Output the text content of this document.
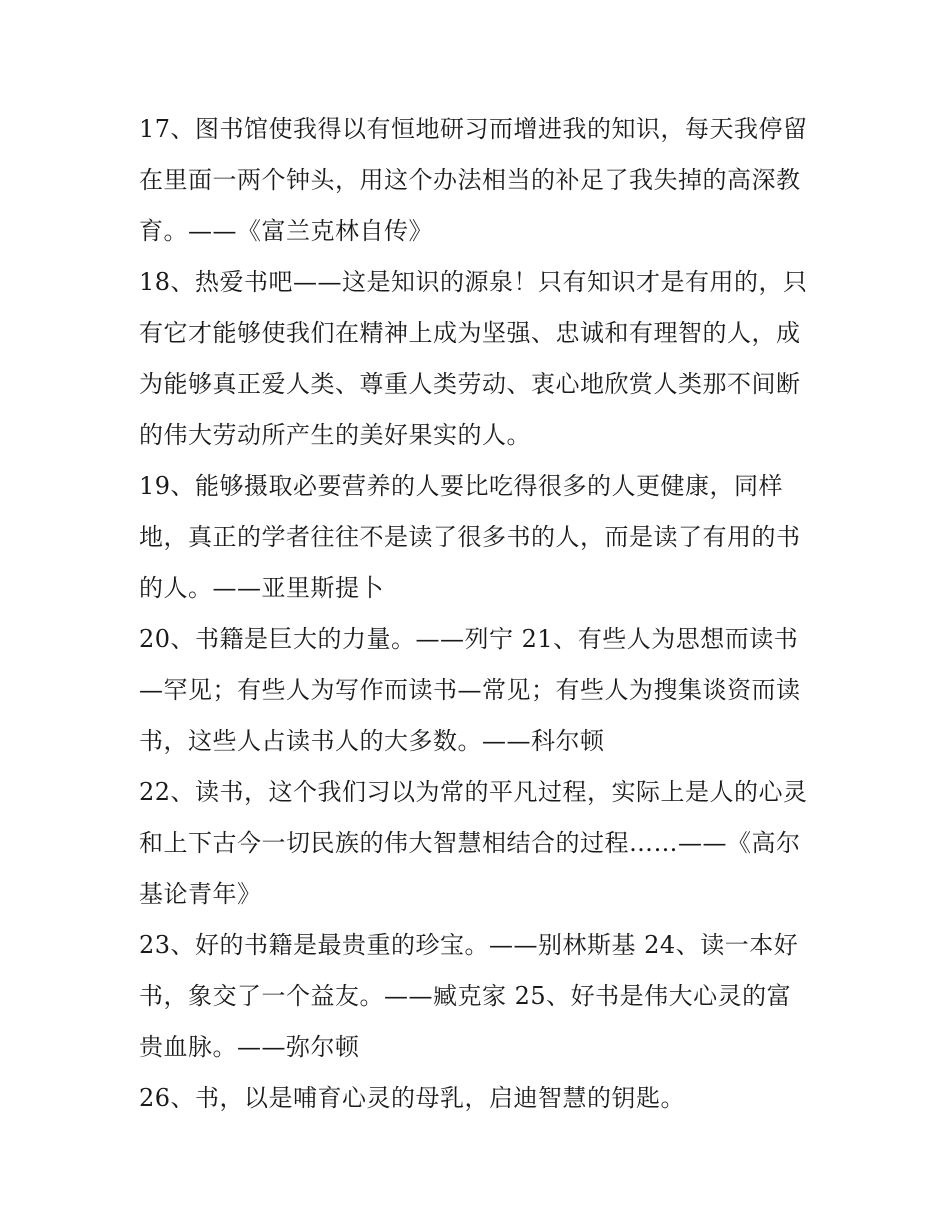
17、图书馆使我得以有恒地研习而增进我的知识，每天我停留
在里面一两个钟头，用这个办法相当的补足了我失掉的高深教
育。——《富兰克林自传》
18、热爱书吧——这是知识的源泉！只有知识才是有用的，只
有它才能够使我们在精神上成为坚强、忠诚和有理智的人，成
为能够真正爱人类、尊重人类劳动、衷心地欣赏人类那不间断
的伟大劳动所产生的美好果实的人。
19、能够摄取必要营养的人要比吃得很多的人更健康，同样
地，真正的学者往往不是读了很多书的人，而是读了有用的书
的人。——亚里斯提卜
20、书籍是巨大的力量。——列宁 21、有些人为思想而读书
—罕见；有些人为写作而读书—常见；有些人为搜集谈资而读
书，这些人占读书人的大多数。——科尔顿
22、读书，这个我们习以为常的平凡过程，实际上是人的心灵
和上下古今一切民族的伟大智慧相结合的过程……——《高尔
基论青年》
23、好的书籍是最贵重的珍宝。——别林斯基 24、读一本好
书，象交了一个益友。——臧克家 25、好书是伟大心灵的富
贵血脉。——弥尔顿
26、书，以是哺育心灵的母乳，启迪智慧的钥匙。
